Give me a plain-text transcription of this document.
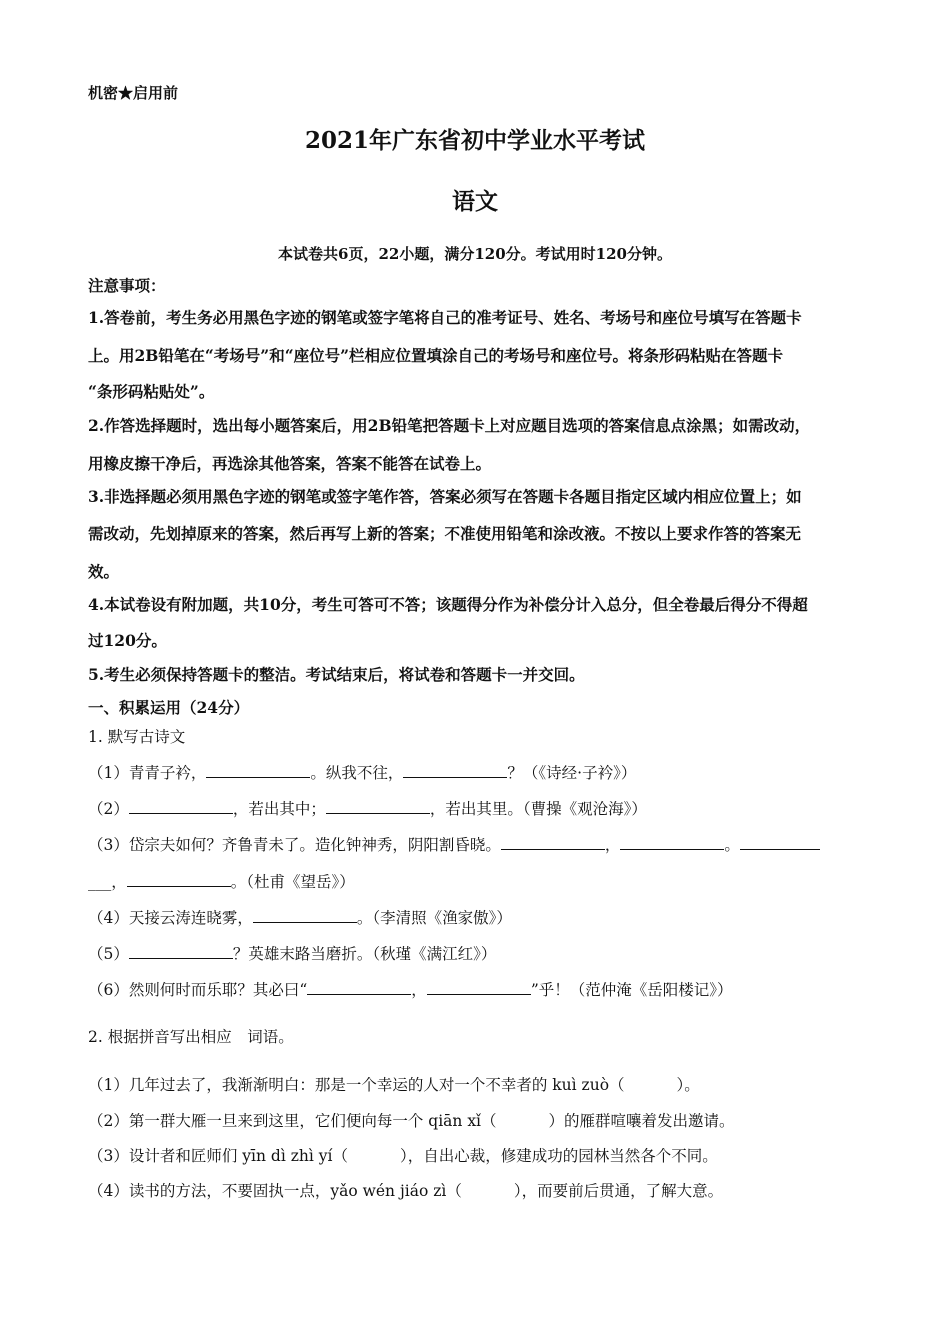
机密★启用前
2021年广东省初中学业水平考试
语文
本试卷共6页，22小题，满分120分。考试用时120分钟。
注意事项：
1.答卷前，考生务必用黑色字迹的钢笔或签字笔将自己的准考证号、姓名、考场号和座位号填写在答题卡
上。用2B铅笔在“考场号”和“座位号”栏相应位置填涂自己的考场号和座位号。将条形码粘贴在答题卡
“条形码粘贴处”。
2.作答选择题时，选出每小题答案后，用2B铅笔把答题卡上对应题目选项的答案信息点涂黑；如需改动，
用橡皮擦干净后，再选涂其他答案，答案不能答在试卷上。
3.非选择题必须用黑色字迹的钢笔或签字笔作答，答案必须写在答题卡各题目指定区域内相应位置上；如
需改动，先划掉原来的答案，然后再写上新的答案；不准使用铅笔和涂改液。不按以上要求作答的答案无
效。
4.本试卷设有附加题，共10分，考生可答可不答；该题得分作为补偿分计入总分，但全卷最后得分不得超
过120分。
5.考生必须保持答题卡的整洁。考试结束后，将试卷和答题卡一并交回。
一、积累运用（24分）
1. 默写古诗文
（1）青青子衿，	。纵我不往，	？（《诗经·子衿》）
（2）	，若出其中；	，若出其里。（曹操《观沧海》）
（3）岱宗夫如何？齐鲁青未了。造化钟神秀，阴阳割昏晓。	，	。
___，	。（杜甫《望岳》）
（4）天接云涛连晓雾，	。（李清照《渔家傲》）
（5）	？英雄末路当磨折。（秋瑾《满江红》）
（6）然则何时而乐耶？其必曰“	，	”乎！（范仲淹《岳阳楼记》）
2. 根据拼音写出相应　词语。
（1）几年过去了，我渐渐明白：那是一个幸运的人对一个不幸者的 kuì zuò（	）。
（2）第一群大雁一旦来到这里，它们便向每一个 qiān xǐ（	）的雁群喧嚷着发出邀请。
（3）设计者和匠师们 yīn dì zhì yí（	），自出心裁，修建成功的园林当然各个不同。
（4）读书的方法，不要固执一点，yǎo wén jiáo zì（	），而要前后贯通，了解大意。
